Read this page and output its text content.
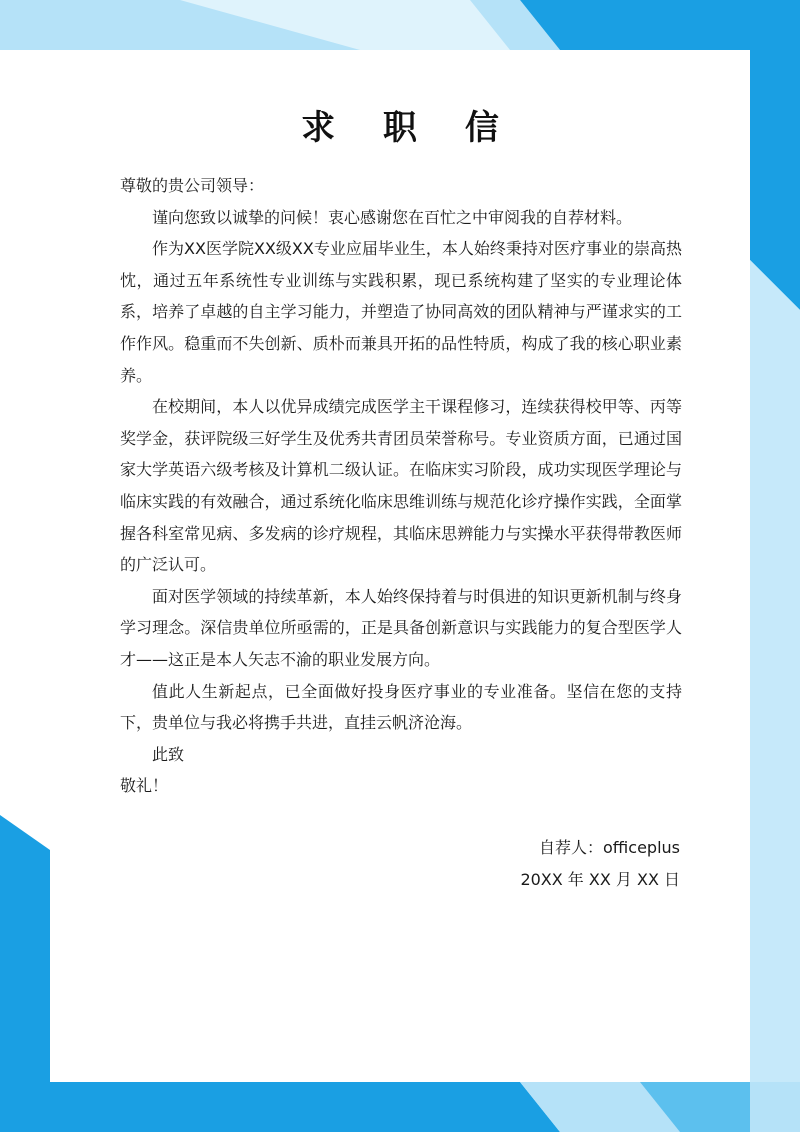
求 职 信

尊敬的贵公司领导：

谨向您致以诚挚的问候！衷心感谢您在百忙之中审阅我的自荐材料。

作为XX医学院XX级XX专业应届毕业生，本人始终秉持对医疗事业的崇高热忱，通过五年系统性专业训练与实践积累，现已系统构建了坚实的专业理论体系，培养了卓越的自主学习能力，并塑造了协同高效的团队精神与严谨求实的工作作风。稳重而不失创新、质朴而兼具开拓的品性特质，构成了我的核心职业素养。

在校期间，本人以优异成绩完成医学主干课程修习，连续获得校甲等、丙等奖学金，获评院级三好学生及优秀共青团员荣誉称号。专业资质方面，已通过国家大学英语六级考核及计算机二级认证。在临床实习阶段，成功实现医学理论与临床实践的有效融合，通过系统化临床思维训练与规范化诊疗操作实践，全面掌握各科室常见病、多发病的诊疗规程，其临床思辨能力与实操水平获得带教医师的广泛认可。

面对医学领域的持续革新，本人始终保持着与时俱进的知识更新机制与终身学习理念。深信贵单位所亟需的，正是具备创新意识与实践能力的复合型医学人才——这正是本人矢志不渝的职业发展方向。

值此人生新起点，已全面做好投身医疗事业的专业准备。坚信在您的支持下，贵单位与我必将携手共进，直挂云帆济沧海。

此致

敬礼！

自荐人：officeplus
20XX 年 XX 月 XX 日
